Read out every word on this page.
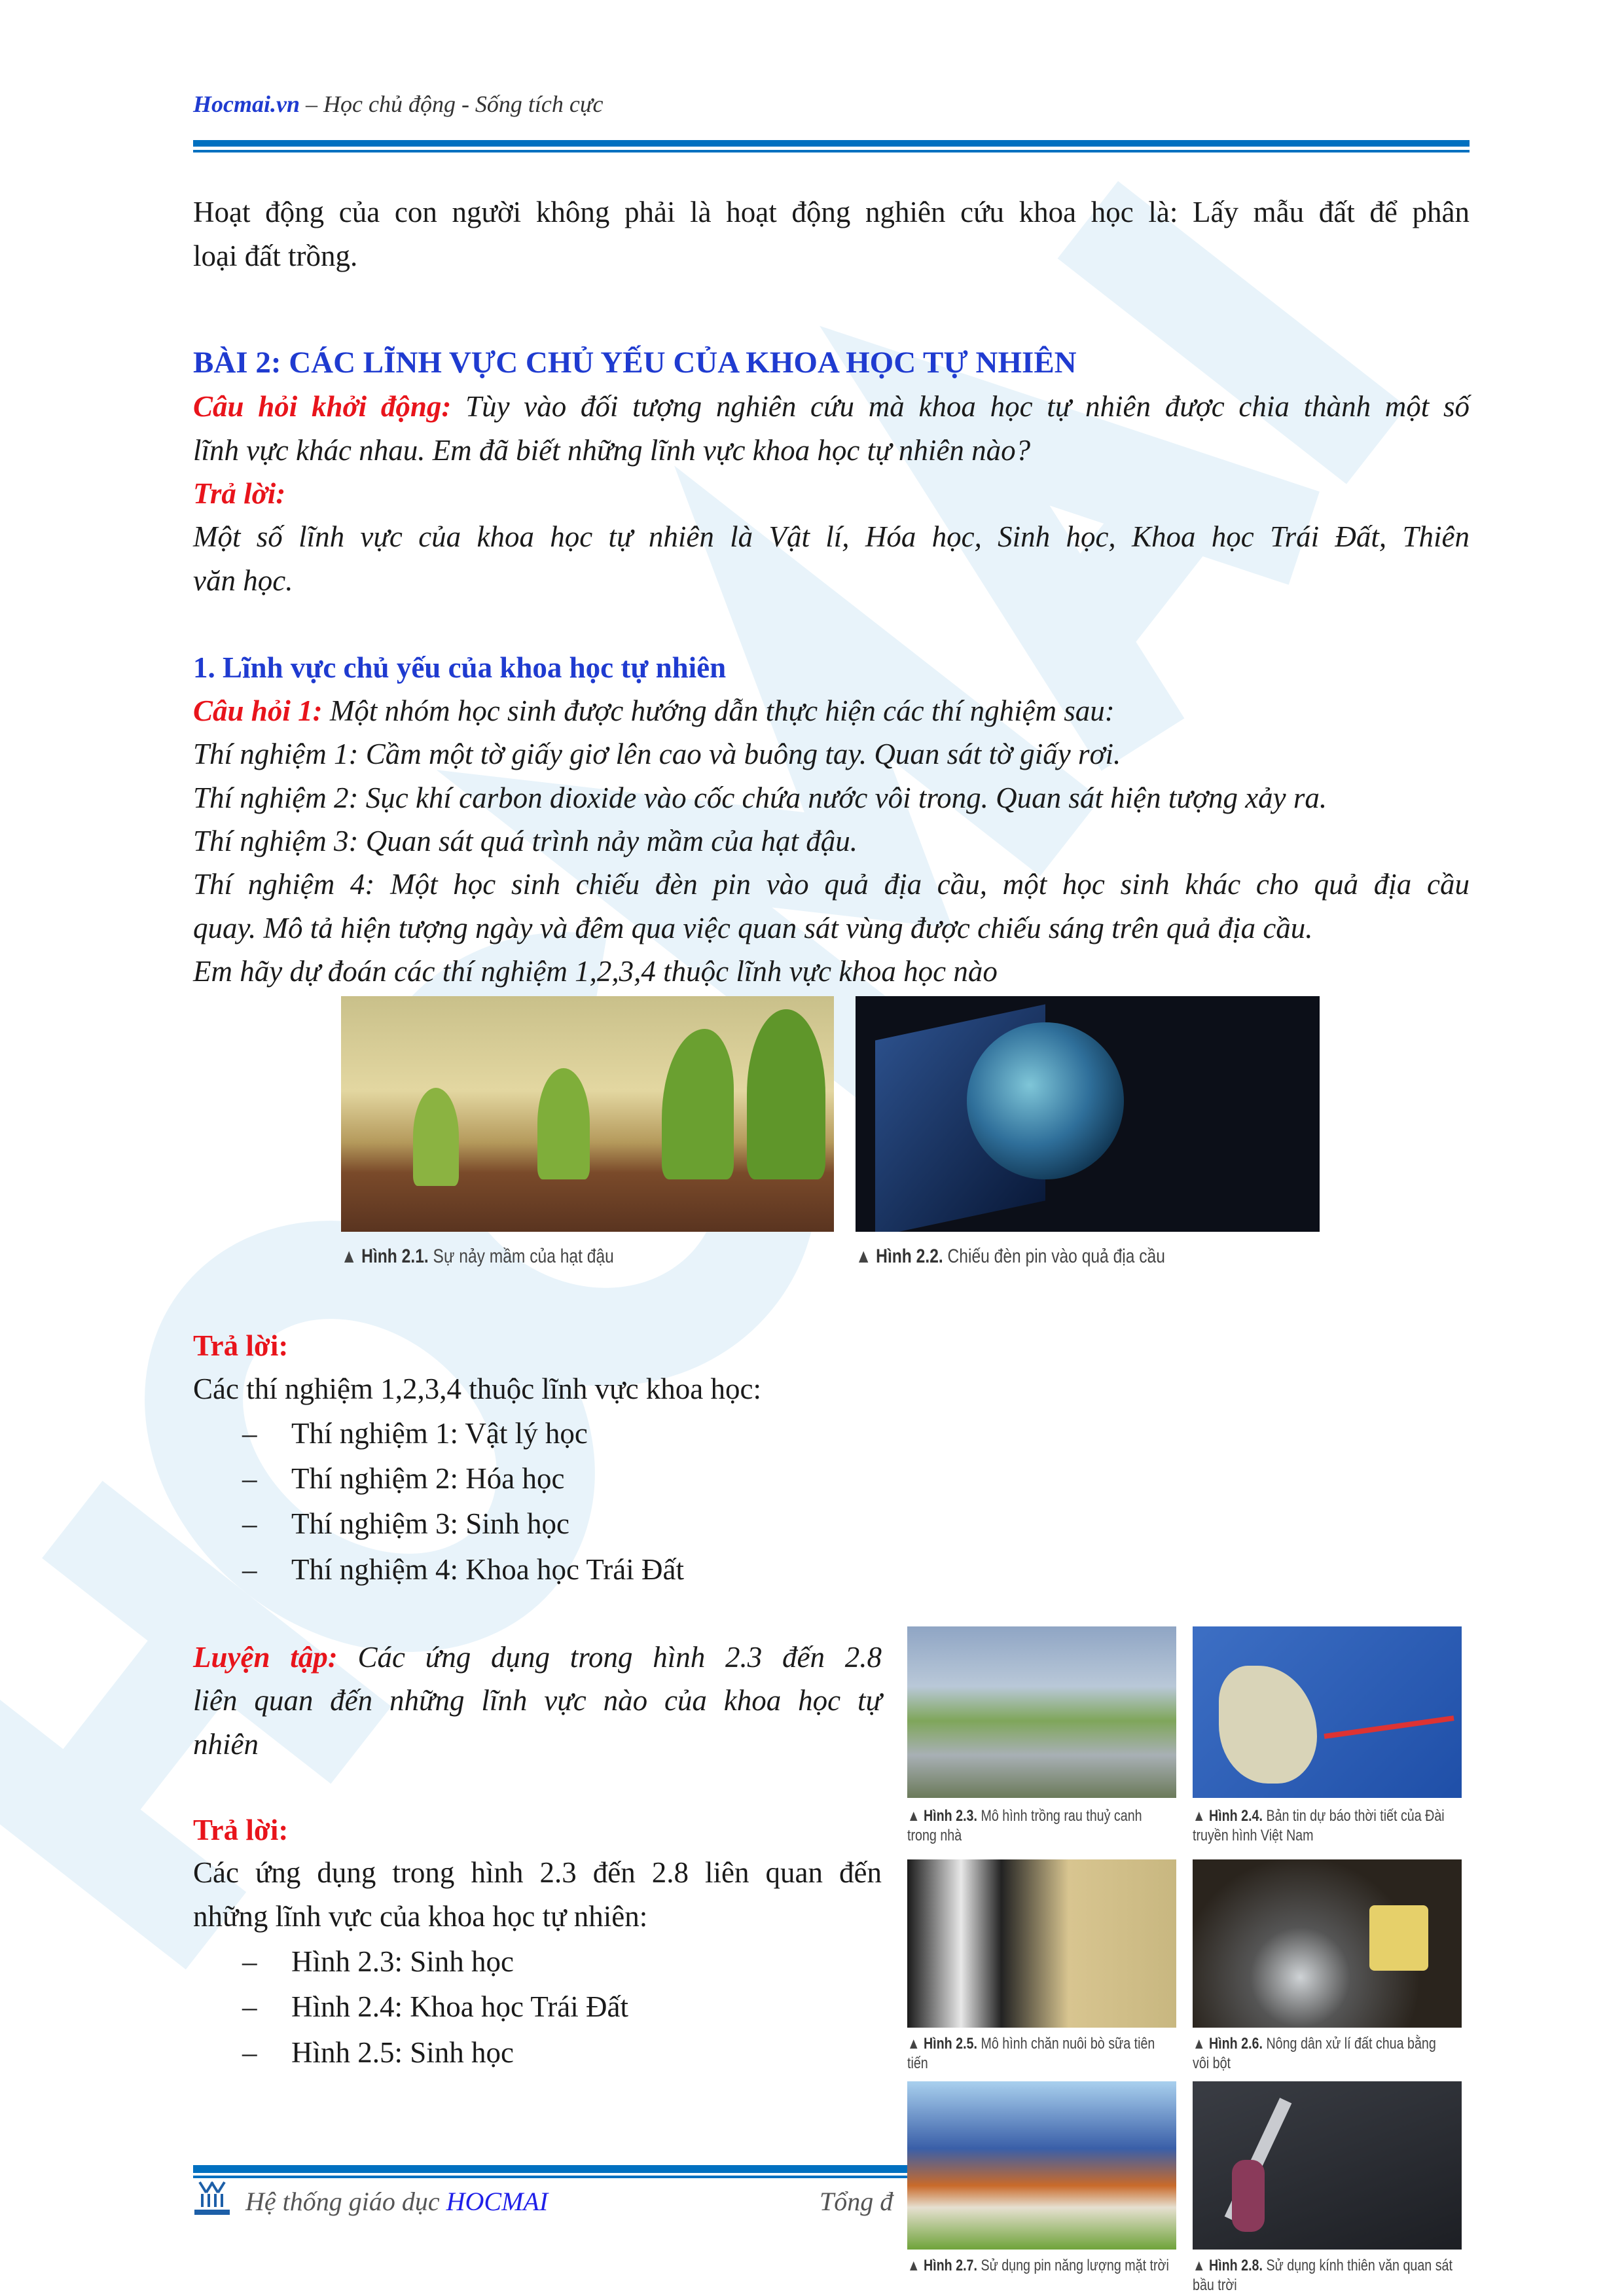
Hocmai.vn – Học chủ động - Sống tích cực
Hoạt động của con người không phải là hoạt động nghiên cứu khoa học là: Lấy mẫu đất để phân
loại đất trồng.
BÀI 2: CÁC LĨNH VỰC CHỦ YẾU CỦA KHOA HỌC TỰ NHIÊN
Câu hỏi khởi động: Tùy vào đối tượng nghiên cứu mà khoa học tự nhiên được chia thành một số
lĩnh vực khác nhau. Em đã biết những lĩnh vực khoa học tự nhiên nào?
Trả lời:
Một số lĩnh vực của khoa học tự nhiên là Vật lí, Hóa học, Sinh học, Khoa học Trái Đất, Thiên
văn học.
1. Lĩnh vực chủ yếu của khoa học tự nhiên
Câu hỏi 1: Một nhóm học sinh được hướng dẫn thực hiện các thí nghiệm sau:
Thí nghiệm 1: Cầm một tờ giấy giơ lên cao và buông tay. Quan sát tờ giấy rơi.
Thí nghiệm 2: Sục khí carbon dioxide vào cốc chứa nước vôi trong. Quan sát hiện tượng xảy ra.
Thí nghiệm 3: Quan sát quá trình nảy mầm của hạt đậu.
Thí nghiệm 4: Một học sinh chiếu đèn pin vào quả địa cầu, một học sinh khác cho quả địa cầu
quay. Mô tả hiện tượng ngày và đêm qua việc quan sát vùng được chiếu sáng trên quả địa cầu.
Em hãy dự đoán các thí nghiệm 1,2,3,4 thuộc lĩnh vực khoa học nào
▲ Hình 2.1. Sự nảy mầm của hạt đậu	▲ Hình 2.2. Chiếu đèn pin vào quả địa cầu
Trả lời:
Các thí nghiệm 1,2,3,4 thuộc lĩnh vực khoa học:
– Thí nghiệm 1: Vật lý học
– Thí nghiệm 2: Hóa học
– Thí nghiệm 3: Sinh học
– Thí nghiệm 4: Khoa học Trái Đất
Luyện tập: Các ứng dụng trong hình 2.3 đến 2.8
liên quan đến những lĩnh vực nào của khoa học tự
nhiên
Trả lời:
Các ứng dụng trong hình 2.3 đến 2.8 liên quan đến
những lĩnh vực của khoa học tự nhiên:
– Hình 2.3: Sinh học
– Hình 2.4: Khoa học Trái Đất
– Hình 2.5: Sinh học
▲ Hình 2.3. Mô hình trồng rau thuỷ canh trong nhà
▲ Hình 2.4. Bản tin dự báo thời tiết của Đài truyền hình Việt Nam
▲ Hình 2.5. Mô hình chăn nuôi bò sữa tiên tiến
▲ Hình 2.6. Nông dân xử lí đất chua bằng vôi bột
▲ Hình 2.7. Sử dụng pin năng lượng mặt trời	▲ Hình 2.8. Sử dụng kính thiên văn quan sát bầu trời
Hệ thống giáo dục HOCMAI	Tổng đ
